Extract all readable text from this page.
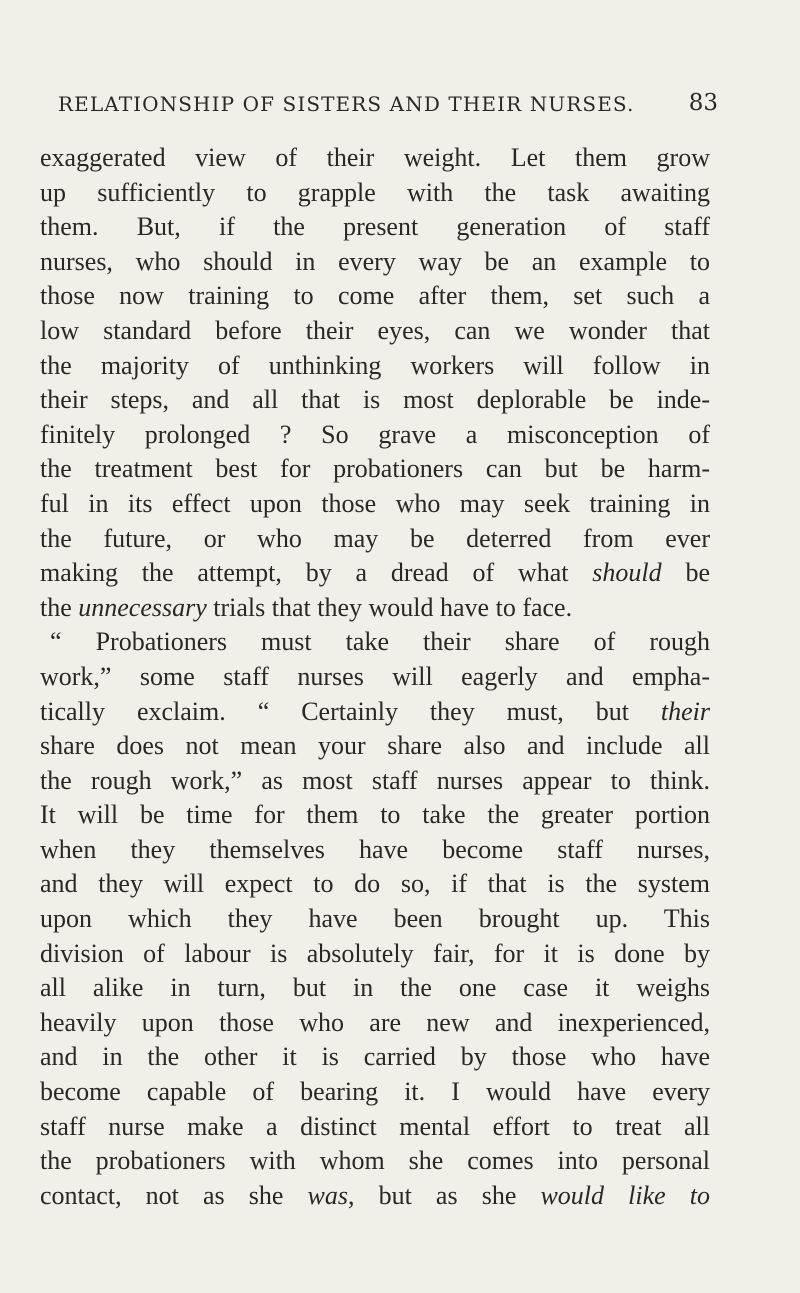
RELATIONSHIP OF SISTERS AND THEIR NURSES. 83
exaggerated view of their weight. Let them grow
up sufficiently to grapple with the task awaiting
them. But, if the present generation of staff
nurses, who should in every way be an example to
those now training to come after them, set such a
low standard before their eyes, can we wonder that
the majority of unthinking workers will follow in
their steps, and all that is most deplorable be inde-
finitely prolonged ? So grave a misconception of
the treatment best for probationers can but be harm-
ful in its effect upon those who may seek training in
the future, or who may be deterred from ever
making the attempt, by a dread of what should be
the unnecessary trials that they would have to face.
“ Probationers must take their share of rough
work,” some staff nurses will eagerly and empha-
tically exclaim. “ Certainly they must, but their
share does not mean your share also and include all
the rough work,” as most staff nurses appear to think.
It will be time for them to take the greater portion
when they themselves have become staff nurses,
and they will expect to do so, if that is the system
upon which they have been brought up. This
division of labour is absolutely fair, for it is done by
all alike in turn, but in the one case it weighs
heavily upon those who are new and inexperienced,
and in the other it is carried by those who have
become capable of bearing it. I would have every
staff nurse make a distinct mental effort to treat all
the probationers with whom she comes into personal
contact, not as she was, but as she would like to
